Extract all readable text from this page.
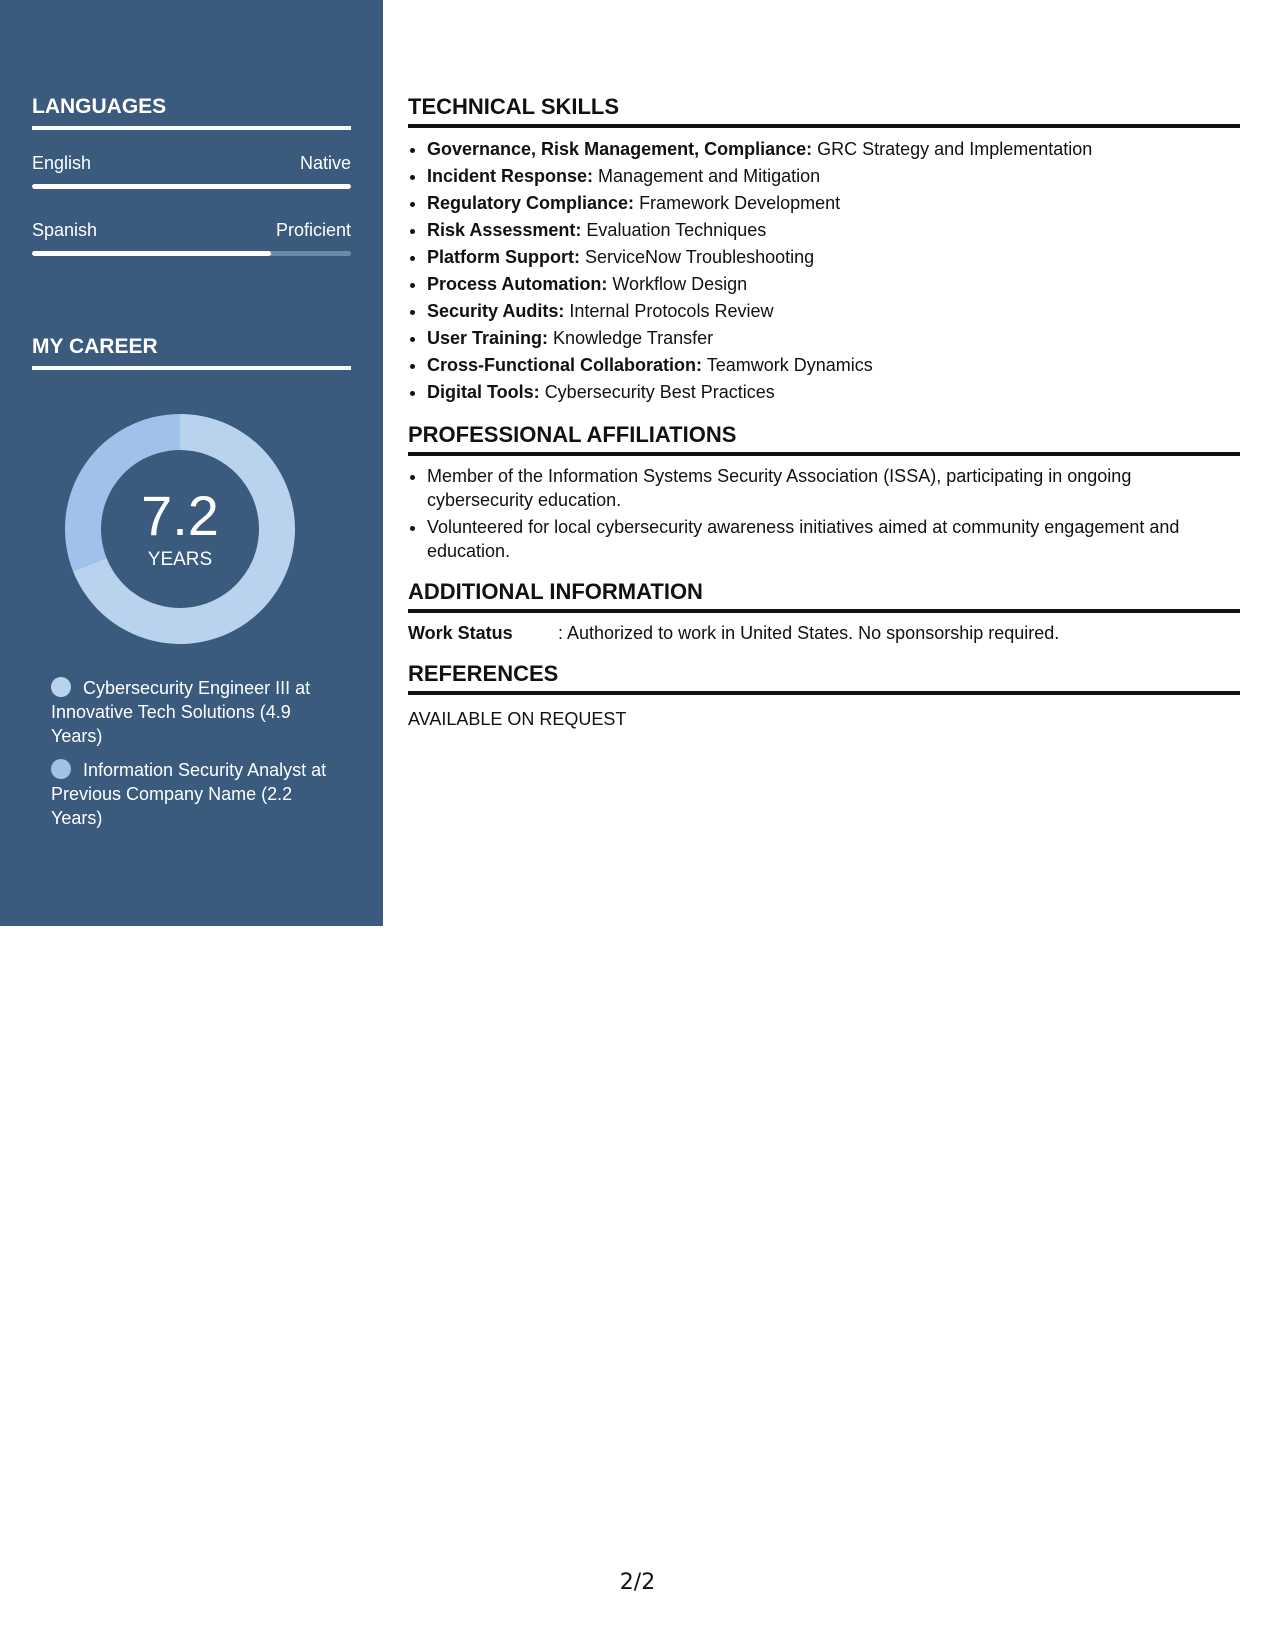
LANGUAGES
English	Native
Spanish	Proficient
MY CAREER
7.2
YEARS
Cybersecurity Engineer III at Innovative Tech Solutions (4.9 Years)
Information Security Analyst at Previous Company Name (2.2 Years)
TECHNICAL SKILLS
• Governance, Risk Management, Compliance: GRC Strategy and Implementation
• Incident Response: Management and Mitigation
• Regulatory Compliance: Framework Development
• Risk Assessment: Evaluation Techniques
• Platform Support: ServiceNow Troubleshooting
• Process Automation: Workflow Design
• Security Audits: Internal Protocols Review
• User Training: Knowledge Transfer
• Cross-Functional Collaboration: Teamwork Dynamics
• Digital Tools: Cybersecurity Best Practices
PROFESSIONAL AFFILIATIONS
• Member of the Information Systems Security Association (ISSA), participating in ongoing cybersecurity education.
• Volunteered for local cybersecurity awareness initiatives aimed at community engagement and education.
ADDITIONAL INFORMATION
Work Status	: Authorized to work in United States. No sponsorship required.
REFERENCES
AVAILABLE ON REQUEST
2/2
